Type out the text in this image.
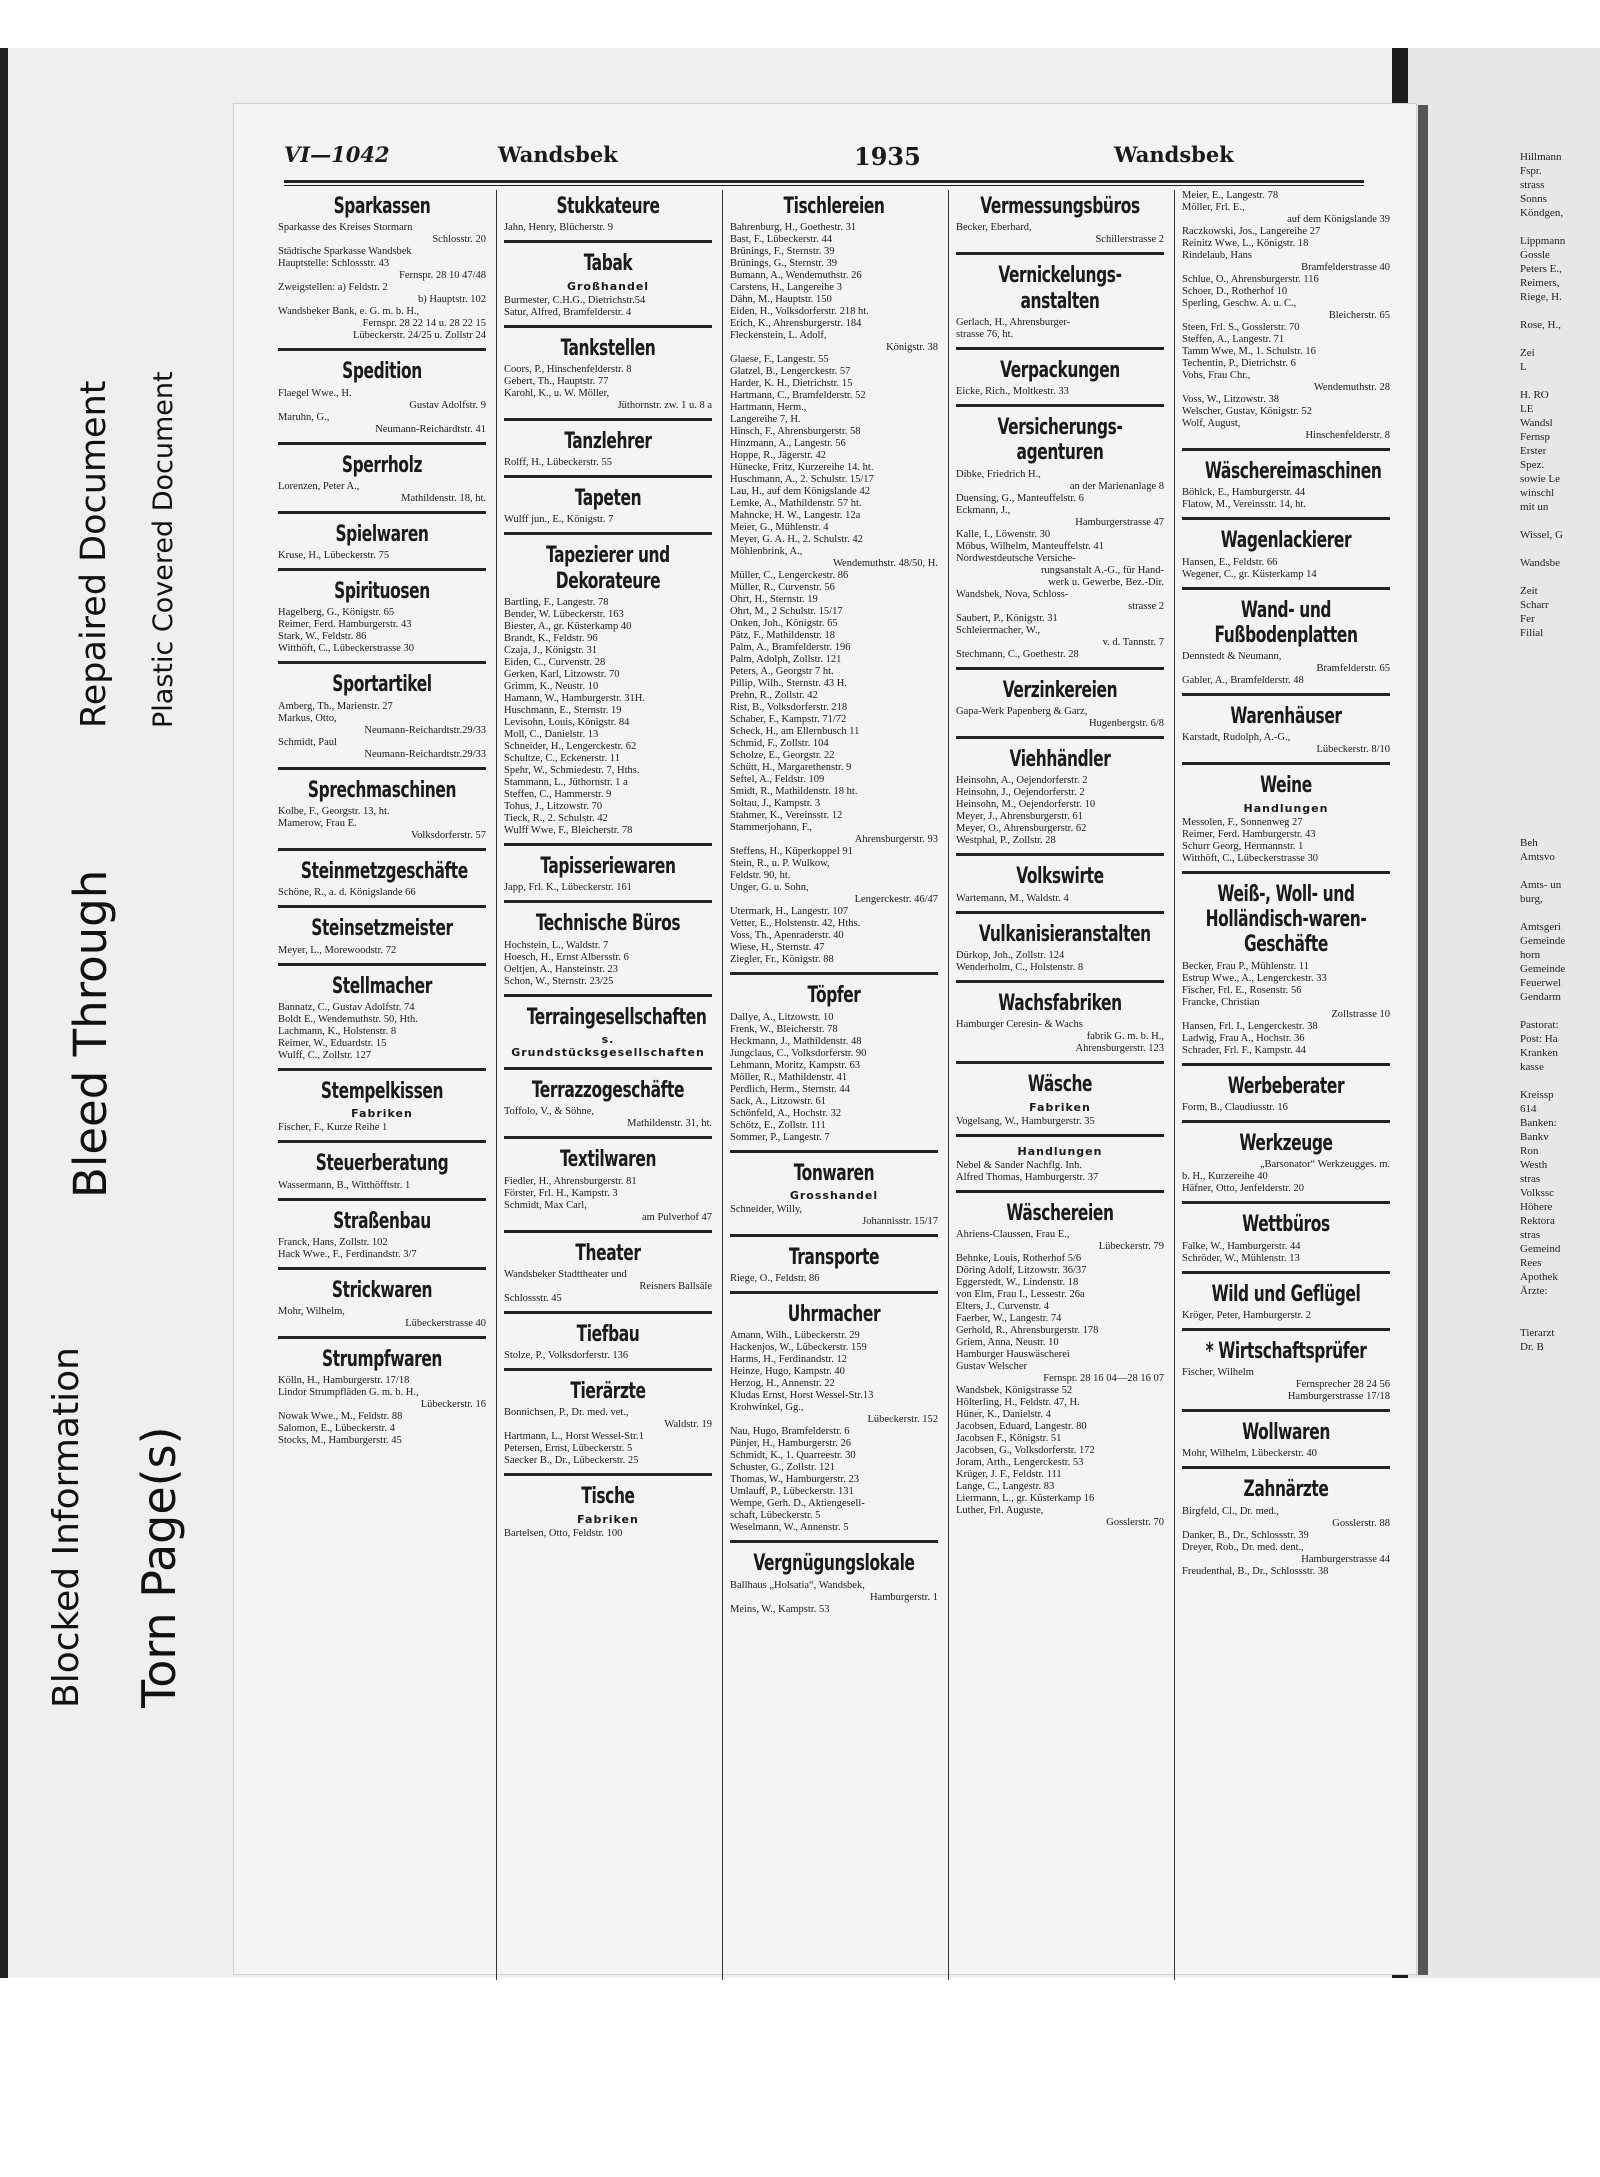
Repaired Document Plastic Covered Document
Bleed Through
Blocked Information Torn Page(s)
VI—1042	Wandsbek	1935	Wandsbek
Sparkassen
Sparkasse des Kreises Stormarn
Schlosstr. 20
Städtische Sparkasse Wandsbek
Hauptstelle: Schlossstr. 43
Fernspr. 28 10 47/48
Zweigstellen: a) Feldstr. 2
b) Hauptstr. 102
Wandsbeker Bank, e. G. m. b. H.,
Fernspr. 28 22 14 u. 28 22 15
Lübeckerstr. 24/25 u. Zollstr 24
Spedition
Flaegel Wwe., H.
Gustav Adolfstr. 9
Maruhn, G.,
Neumann-Reichardtstr. 41
Sperrholz
Lorenzen, Peter A.,
Mathildenstr. 18, ht.
Spielwaren
Kruse, H., Lübeckerstr. 75
Spirituosen
Hagelberg, G., Königstr. 65
Reimer, Ferd. Hamburgerstr. 43
Stark, W., Feldstr. 86
Witthöft, C., Lübeckerstrasse 30
Sportartikel
Amberg, Th., Marienstr. 27
Markus, Otto,
Neumann-Reichardtstr.29/33
Schmidt, Paul
Neumann-Reichardtstr.29/33
Sprechmaschinen
Kolbe, F., Georgstr. 13, ht.
Mamerow, Frau E.
Volksdorferstr. 57
Steinmetzgeschäfte
Schöne, R., a. d. Königslande 66
Steinsetzmeister
Meyer, L., Morewoodstr. 72
Stellmacher
Bannatz, C., Gustav Adolfstr. 74
Boldt E., Wendemuthstr. 50, Hth.
Lachmann, K., Holstenstr. 8
Reimer, W., Eduardstr. 15
Wulff, C., Zollstr. 127
Stempelkissen
Fabriken
Fischer, F., Kurze Reihe 1
Steuerberatung
Wassermann, B., Witthöfftstr. 1
Straßenbau
Franck, Hans, Zollstr. 102
Hack Wwe., F., Ferdinandstr. 3/7
Strickwaren
Mohr, Wilhelm,
Lübeckerstrasse 40
Strumpfwaren
Kölln, H., Hamburgerstr. 17/18
Lindor Strumpfläden G. m. b. H.,
Lübeckerstr. 16
Nowak Wwe., M., Feldstr. 88
Salomon, E., Lübeckerstr. 4
Stocks, M., Hamburgerstr. 45
Stukkateure
Jahn, Henry, Blücherstr. 9
Tabak
Großhandel
Burmester, C.H.G., Dietrichstr.54
Satur, Alfred, Bramfelderstr. 4
Tankstellen
Coors, P., Hinschenfelderstr. 8
Gebert, Th., Hauptstr. 77
Karohl, K., u. W. Möller,
Jüthornstr. zw. 1 u. 8 a
Tanzlehrer
Rolff, H., Lübeckerstr. 55
Tapeten
Wulff jun., E., Königstr. 7
Tapezierer und Dekorateure
Bartling, F., Langestr. 78
Bender, W. Lübeckerstr. 163
Biester, A., gr. Küsterkamp 40
Brandt, K., Feldstr. 96
Czaja, J., Königstr. 31
Eiden, C., Curvenstr. 28
Gerken, Karl, Litzowstr. 70
Grimm, K., Neustr. 10
Hamann, W., Hamburgerstr. 31H.
Huschmann, E., Sternstr. 19
Levisohn, Louis, Königstr. 84
Moll, C., Danielstr. 13
Schneider, H., Lengerckestr. 62
Schultze, C., Eckenerstr. 11
Spehr, W., Schmiedestr. 7, Hths.
Stammann, L., Jüthornstr. 1 a
Steffen, C., Hammerstr. 9
Tohus, J., Litzowstr. 70
Tieck, R., 2. Schulstr. 42
Wulff Wwe, F., Bleicherstr. 78
Tapisseriewaren
Japp, Frl. K., Lübeckerstr. 161
Technische Büros
Hochstein, L., Waldstr. 7
Hoesch, H., Ernst Albersstr. 6
Oeltjen, A., Hansteinstr. 23
Schon, W., Sternstr. 23/25
Terraingesellschaften
s. Grundstücksgesellschaften
Terrazzogeschäfte
Toffolo, V., & Söhne,
Mathildenstr. 31, ht.
Textilwaren
Fiedler, H., Ahrensburgerstr. 81
Förster, Frl. H., Kampstr. 3
Schmidt, Max Carl,
am Pulverhof 47
Theater
Wandsbeker Stadttheater und
Reisners Ballsäle
Schlossstr. 45
Tiefbau
Stolze, P., Volksdorferstr. 136
Tierärzte
Bonnichsen, P., Dr. med. vet.,
Waldstr. 19
Hartmann, L., Horst Wessel-Str.1
Petersen, Ernst, Lübeckerstr. 5
Saecker B., Dr., Lübeckerstr. 25
Tische
Fabriken
Bartelsen, Otto, Feldstr. 100
Tischlereien
Bahrenburg, H., Goethestr. 31
Bast, F., Lübeckerstr. 44
Brünings, F., Sternstr. 39
Brünings, G., Sternstr. 39
Bumann, A., Wendemuthstr. 26
Carstens, H., Langereihe 3
Dähn, M., Hauptstr. 150
Eiden, H., Volksdorferstr. 218 ht.
Erich, K., Ahrensburgerstr. 184
Fleckenstein, L. Adolf,
Königstr. 38
Glaese, F., Langestr. 55
Glatzel, B., Lengerckestr. 57
Harder, K. H., Dietrichstr. 15
Hartmann, C., Bramfelderstr. 52
Hartmann, Herm.,
Langereihe 7, H.
Hinsch, F., Ahrensburgerstr. 58
Hinzmann, A., Langestr. 56
Hoppe, R., Jägerstr. 42
Hünecke, Fritz, Kurzereihe 14. ht.
Huschmann, A., 2. Schulstr. 15/17
Lau, H., auf dem Königslande 42
Lemke, A., Mathildenstr. 57 ht.
Mahncke, H. W., Langestr. 12a
Meier, G., Mühlenstr. 4
Meyer, G. A. H., 2. Schulstr. 42
Möhlenbrink, A.,
Wendemuthstr. 48/50, H.
Müller, C., Lengerckestr. 86
Müller, R., Curvenstr. 56
Ohrt, H., Sternstr. 19
Ohrt, M., 2 Schulstr. 15/17
Onken, Joh., Königstr. 65
Pätz, F., Mathildenstr. 18
Palm, A., Bramfelderstr. 196
Palm, Adolph, Zollstr. 121
Peters, A., Georgstr 7 ht.
Pillip, Wilh., Sternstr. 43 H.
Prehn, R., Zollstr. 42
Rist, B., Volksdorferstr. 218
Schaber, F., Kampstr. 71/72
Scheck, H., am Ellernbusch 11
Schmid, F., Zollstr. 104
Scholze, E., Georgstr. 22
Schütt, H., Margarethenstr. 9
Seftel, A., Feldstr. 109
Smidt, R., Mathildenstr. 18 ht.
Soltau, J., Kampstr. 3
Stahmer, K., Vereinsstr. 12
Stammerjohann, F.,
Ahrensburgerstr. 93
Steffens, H., Küperkoppel 91
Stein, R., u. P. Wulkow,
Feldstr. 90, ht.
Unger, G. u. Sohn,
Lengerckestr. 46/47
Utermark, H., Langestr. 107
Vetter, E., Holstenstr. 42, Hths.
Voss, Th., Apenraderstr. 40
Wiese, H., Sternstr. 47
Ziegler, Fr., Königstr. 88
Töpfer
Dallye, A., Litzowstr. 10
Frenk, W., Bleicherstr. 78
Heckmann, J., Mathildenstr. 48
Jungclaus, C., Volksdorferstr. 90
Lehmann, Moritz, Kampstr. 63
Möller, R., Mathildenstr. 41
Perdlich, Herm., Sternstr. 44
Sack, A., Litzowstr. 61
Schönfeld, A., Hochstr. 32
Schötz, E., Zollstr. 111
Sommer, P., Langestr. 7
Tonwaren
Grosshandel
Schneider, Willy,
Johannisstr. 15/17
Transporte
Riege, O., Feldstr. 86
Uhrmacher
Amann, Wilh., Lübeckerstr. 29
Hackenjos, W., Lübeckerstr. 159
Harms, H., Ferdinandstr. 12
Heinze, Hugo, Kampstr. 40
Herzog, H., Annenstr. 22
Kludas Ernst, Horst Wessel-Str.13
Krohwinkel, Gg.,
Lübeckerstr. 152
Nau, Hugo, Bramfelderstr. 6
Pünjer, H., Hamburgerstr. 26
Schmidt, K., 1. Quarreestr. 30
Schuster, G., Zollstr. 121
Thomas, W., Hamburgerstr. 23
Umlauff, P., Lübeckerstr. 131
Wempe, Gerh. D., Aktiengesell-
schaft, Lübeckerstr. 5
Weselmann, W., Annenstr. 5
Vergnügungslokale
Ballhaus „Holsatia“, Wandsbek,
Hamburgerstr. 1
Meins, W., Kampstr. 53
Vermessungsbüros
Becker, Eberhard,
Schillerstrasse 2
Vernickelungs-anstalten
Gerlach, H., Ahrensburger-
strasse 76, ht.
Verpackungen
Eicke, Rich., Moltkestr. 33
Versicherungs-agenturen
Dibke, Friedrich H.,
an der Marienanlage 8
Duensing, G., Manteuffelstr. 6
Eckmann, J.,
Hamburgerstrasse 47
Kalle, I., Löwenstr. 30
Möbus, Wilhelm, Manteuffelstr. 41
Nordwestdeutsche Versiche-
rungsanstalt A.-G., für Hand-
werk u. Gewerbe, Bez.-Dir.
Wandsbek, Nova, Schloss-
strasse 2
Saubert, P., Königstr. 31
Schleiermacher, W.,
v. d. Tannstr. 7
Stechmann, C., Goethestr. 28
Verzinkereien
Gapa-Werk Papenberg & Garz,
Hugenbergstr. 6/8
Viehhändler
Heinsohn, A., Oejendorferstr. 2
Heinsohn, J., Oejendorferstr. 2
Heinsohn, M., Oejendorferstr. 10
Meyer, J., Ahrensburgerstr. 61
Meyer, O., Ahrensburgerstr. 62
Westphal, P., Zollstr. 28
Volkswirte
Wartemann, M., Waldstr. 4
Vulkanisieranstalten
Dürkop, Joh., Zollstr. 124
Wenderholm, C., Holstenstr. 8
Wachsfabriken
Hamburger Ceresin- & Wachs
fabrik G. m. b. H.,
Ahrensburgerstr. 123
Wäsche
Fabriken
Vogelsang, W., Hamburgerstr. 35
Handlungen
Nebel & Sander Nachflg. Inh.
Alfred Thomas, Hamburgerstr. 37
Wäschereien
Ahriens-Claussen, Frau E.,
Lübeckerstr. 79
Behnke, Louis, Rotherhof 5/6
Döring Adolf, Litzowstr. 36/37
Eggerstedt, W., Lindenstr. 18
von Elm, Frau I., Lessestr. 26a
Elters, J., Curvenstr. 4
Faerber, W., Langestr. 74
Gerhold, R., Ahrensburgerstr. 178
Griem, Anna, Neustr. 10
Hamburger Hauswäscherei
Gustav Welscher
Fernspr. 28 16 04—28 16 07
Wandsbek, Königstrasse 52
Hölterling, H., Feldstr. 47, H.
Hüner, K., Danielstr. 4
Jacobsen, Eduard, Langestr. 80
Jacobsen F., Königstr. 51
Jacobsen, G., Volksdorferstr. 172
Joram, Arth., Lengerckestr. 53
Krüger, J. F., Feldstr. 111
Lange, C., Langestr. 83
Liermann, L., gr. Küsterkamp 16
Luther, Frl. Auguste,
Gosslerstr. 70
Meier, E., Langestr. 78
Möller, Frl. E.,
auf dem Königslande 39
Raczkowski, Jos., Langereihe 27
Reinitz Wwe, L., Königstr. 18
Rindelaub, Hans
Bramfelderstrasse 40
Schlue, O., Ahrensburgerstr. 116
Schoer, D., Rotherhof 10
Sperling, Geschw. A. u. C.,
Bleicherstr. 65
Steen, Frl. S., Gosslerstr. 70
Steffen, A., Langestr. 71
Tamm Wwe, M., 1. Schulstr. 16
Techentin, P., Dietrichstr. 6
Vohs, Frau Chr.,
Wendemuthstr. 28
Voss, W., Litzowstr. 38
Welscher, Gustav, Königstr. 52
Wolf, August,
Hinschenfelderstr. 8
Wäschereimaschinen
Böhlck, E., Hamburgerstr. 44
Flatow, M., Vereinsstr. 14, ht.
Wagenlackierer
Hansen, E., Feldstr. 66
Wegener, C., gr. Küsterkamp 14
Wand- und Fußbodenplatten
Dennstedt & Neumann,
Bramfelderstr. 65
Gabler, A., Bramfelderstr. 48
Warenhäuser
Karstadt, Rudolph, A.-G.,
Lübeckerstr. 8/10
Weine
Handlungen
Messolen, F., Sonnenweg 27
Reimer, Ferd. Hamburgerstr. 43
Schurr Georg, Hermannstr. 1
Witthöft, C., Lübeckerstrasse 30
Weiß-, Woll- und Holländisch-waren-Geschäfte
Becker, Frau P., Mühlenstr. 11
Estrup Wwe., A., Lengerckestr. 33
Fischer, Frl. E., Rosenstr. 56
Francke, Christian
Zollstrasse 10
Hansen, Frl. I., Lengerckestr. 38
Ladwig, Frau A., Hochstr. 36
Schrader, Frl. F., Kampstr. 44
Werbeberater
Form, B., Claudiusstr. 16
Werkzeuge
„Barsonator“ Werkzeugges. m.
b. H., Kurzereihe 40
Häfner, Otto, Jenfelderstr. 20
Wettbüros
Falke, W., Hamburgerstr. 44
Schröder, W., Mühlenstr. 13
Wild und Geflügel
Kröger, Peter, Hamburgerstr. 2
* Wirtschaftsprüfer
Fischer, Wilhelm
Fernsprecher 28 24 56
Hamburgerstrasse 17/18
Wollwaren
Mohr, Wilhelm, Lübeckerstr. 40
Zahnärzte
Birgfeld, Cl., Dr. med.,
Gosslerstr. 88
Danker, B., Dr., Schlossstr. 39
Dreyer, Rob., Dr. med. dent.,
Hamburgerstrasse 44
Freudenthal, B., Dr., Schlossstr. 38
Hillmann
Fspr.
strass
Sonns
Köndgen,

Lippmann
Gossle
Peters E.,
Reimers,
Riege, H.

Rose, H.,

Zei
L

H. RO
LE
Wandsl
Fernsp
Erster
Spez.
sowie Le
winschl
mit un

Wissel, G

Wandsbe

Zeit
Scharr
Fer
Filial

Beh
Amtsvo

Amts- un
burg,

Amtsgeri
Gemeinde
horn
Gemeinde
Feuerwel
Gendarm

Pastorat:
Post: Ha
Kranken
kasse

Kreissp
614
Banken:
Bankv
Ron
Westh
stras
Volkssc
Höhere
Rektora
stras
Gemeind
Rees
Apothek
Ärzte:

Tierarzt
Dr. B
